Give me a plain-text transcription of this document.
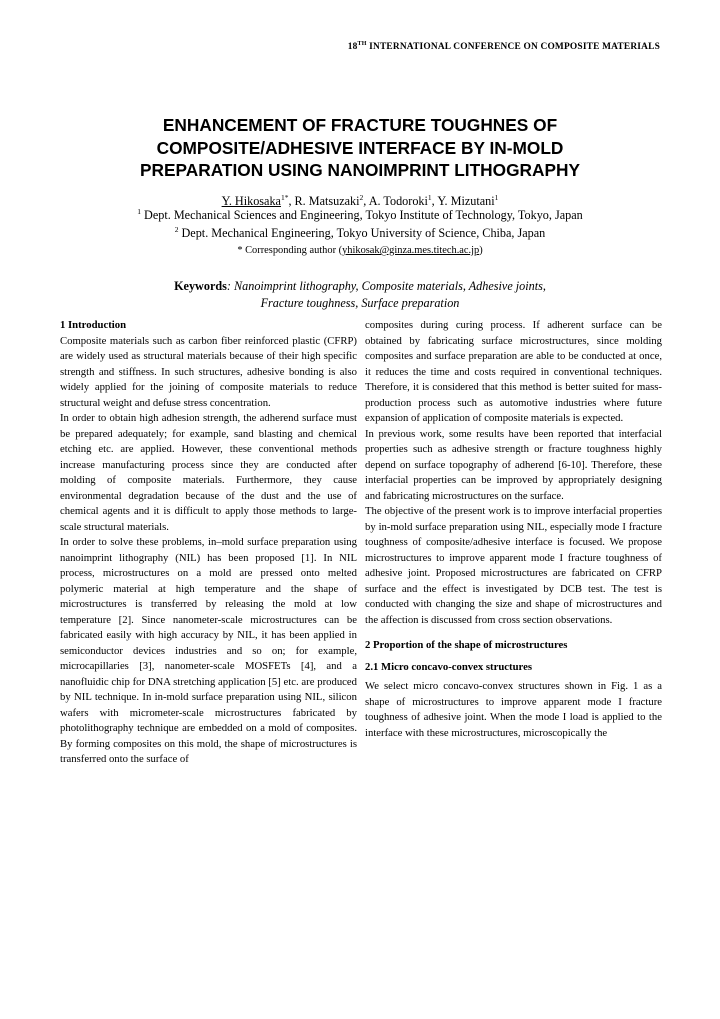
18TH INTERNATIONAL CONFERENCE ON COMPOSITE MATERIALS
ENHANCEMENT OF FRACTURE TOUGHNES OF
COMPOSITE/ADHESIVE INTERFACE BY IN-MOLD
PREPARATION USING NANOIMPRINT LITHOGRAPHY
Y. Hikosaka$^{1*}$, R. Matsuzaki$^2$, A. Todoroki$^1$, Y. Mizutani$^1$
$^1$ Dept. Mechanical Sciences and Engineering, Tokyo Institute of Technology, Tokyo, Japan
$^2$ Dept. Mechanical Engineering, Tokyo University of Science, Chiba, Japan
* Corresponding author (yhikosak@ginza.mes.titech.ac.jp)
Keywords: Nanoimprint lithography, Composite materials, Adhesive joints,
Fracture toughness, Surface preparation

1 Introduction

Composite materials such as carbon fiber reinforced plastic (CFRP) are widely used as structural materials because of their high specific strength and stiffness. In such structures, adhesive bonding is also widely applied for the joining of composite materials to reduce structural weight and defuse stress concentration.

In order to obtain high adhesion strength, the adherend surface must be prepared adequately; for example, sand blasting and chemical etching etc. are applied. However, these conventional methods increase manufacturing process since they are conducted after molding of composite materials. Furthermore, they cause environmental degradation because of the dust and the use of chemical agents and it is difficult to apply those methods to large-scale structural materials.

In order to solve these problems, in–mold surface preparation using nanoimprint lithography (NIL) has been proposed [1]. In NIL process, microstructures on a mold are pressed onto melted polymeric material at high temperature and the shape of microstructures is transferred by releasing the mold at low temperature [2]. Since nanometer-scale microstructures can be fabricated easily with high accuracy by NIL, it has been applied in semiconductor devices industries and so on; for example, microcapillaries [3], nanometer-scale MOSFETs [4], and a nanofluidic chip for DNA stretching application [5] etc. are produced by NIL technique. In in-mold surface preparation using NIL, silicon wafers with micrometer-scale microstructures fabricated by photolithography technique are embedded on a mold of composites. By forming composites on this mold, the shape of microstructures is transferred onto the surface of

composites during curing process. If adherent surface can be obtained by fabricating surface microstructures, since molding composites and surface preparation are able to be conducted at once, it reduces the time and costs required in conventional techniques. Therefore, it is considered that this method is better suited for mass-production process such as automotive industries where future expansion of application of composite materials is expected.

In previous work, some results have been reported that interfacial properties such as adhesive strength or fracture toughness highly depend on surface topography of adherend [6-10]. Therefore, these interfacial properties can be improved by appropriately designing and fabricating microstructures on the surface.

The objective of the present work is to improve interfacial properties by in-mold surface preparation using NIL, especially mode I fracture toughness of composite/adhesive interface is focused. We propose microstructures to improve apparent mode I fracture toughness of adhesive joint. Proposed microstructures are fabricated on CFRP surface and the effect is investigated by DCB test. The test is conducted with changing the size and shape of microstructures and the affection is discussed from cross section observations.

2 Proportion of the shape of microstructures

2.1 Micro concavo-convex structures

We select micro concavo-convex structures shown in Fig. 1 as a shape of microstructures to improve apparent mode I fracture toughness of adhesive joint. When the mode I load is applied to the interface with these microstructures, microscopically the
